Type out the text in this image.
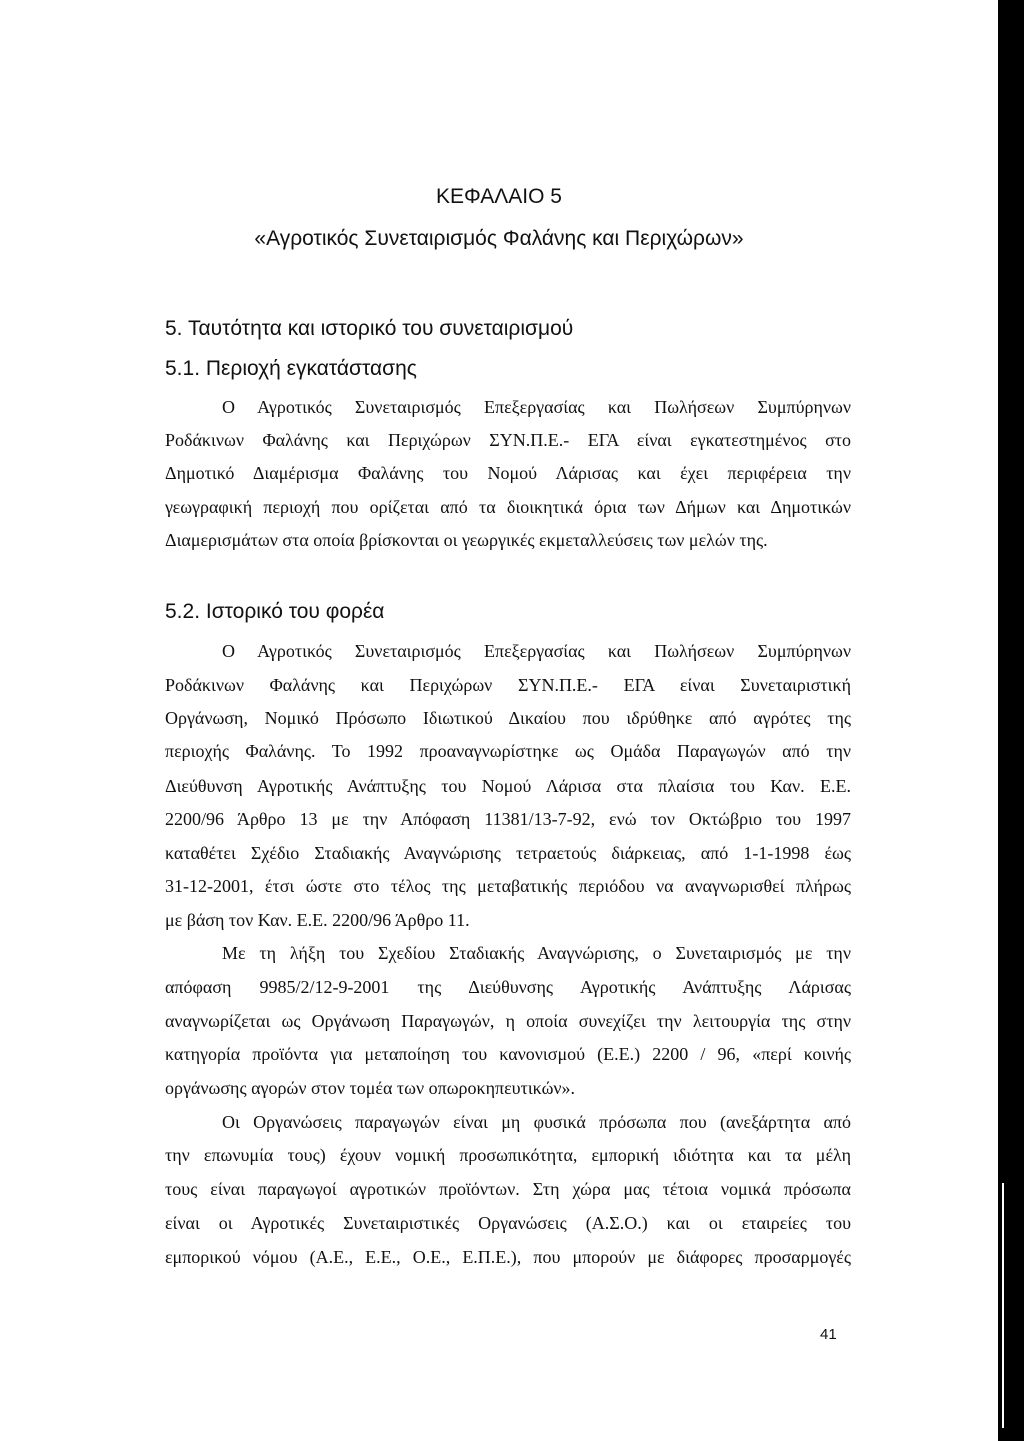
ΚΕΦΑΛΑΙΟ 5

«Αγροτικός Συνεταιρισμός Φαλάνης και Περιχώρων»

5. Ταυτότητα και ιστορικό του συνεταιρισμού

5.1. Περιοχή εγκατάστασης

Ο Αγροτικός Συνεταιρισμός Επεξεργασίας και Πωλήσεων Συμπύρηνων

Ροδάκινων Φαλάνης και Περιχώρων ΣΥΝ.Π.Ε.- ΕΓΑ είναι εγκατεστημένος στο

Δημοτικό Διαμέρισμα Φαλάνης του Νομού Λάρισας και έχει περιφέρεια την

γεωγραφική περιοχή που ορίζεται από τα διοικητικά όρια των Δήμων και Δημοτικών

Διαμερισμάτων στα οποία βρίσκονται οι γεωργικές εκμεταλλεύσεις των μελών της.

5.2. Ιστορικό του φορέα

Ο Αγροτικός Συνεταιρισμός Επεξεργασίας και Πωλήσεων Συμπύρηνων

Ροδάκινων Φαλάνης και Περιχώρων ΣΥΝ.Π.Ε.- ΕΓΑ είναι Συνεταιριστική

Οργάνωση, Νομικό Πρόσωπο Ιδιωτικού Δικαίου που ιδρύθηκε από αγρότες της

περιοχής Φαλάνης. Το 1992 προαναγνωρίστηκε ως Ομάδα Παραγωγών από την

Διεύθυνση Αγροτικής Ανάπτυξης του Νομού Λάρισα στα πλαίσια του Καν. Ε.Ε.

2200/96 Άρθρο 13 με την Απόφαση 11381/13-7-92, ενώ τον Οκτώβριο του 1997

καταθέτει Σχέδιο Σταδιακής Αναγνώρισης τετραετούς διάρκειας, από 1-1-1998 έως

31-12-2001, έτσι ώστε στο τέλος της μεταβατικής περιόδου να αναγνωρισθεί πλήρως

με βάση τον Καν. Ε.Ε. 2200/96 Άρθρο 11.

Με τη λήξη του Σχεδίου Σταδιακής Αναγνώρισης, ο Συνεταιρισμός με την

απόφαση 9985/2/12-9-2001 της Διεύθυνσης Αγροτικής Ανάπτυξης Λάρισας

αναγνωρίζεται ως Οργάνωση Παραγωγών, η οποία συνεχίζει την λειτουργία της στην

κατηγορία προϊόντα για μεταποίηση του κανονισμού (Ε.Ε.) 2200 / 96, «περί κοινής

οργάνωσης αγορών στον τομέα των οπωροκηπευτικών».

Οι Οργανώσεις παραγωγών είναι μη φυσικά πρόσωπα που (ανεξάρτητα από

την επωνυμία τους) έχουν νομική προσωπικότητα, εμπορική ιδιότητα και τα μέλη

τους είναι παραγωγοί αγροτικών προϊόντων. Στη χώρα μας τέτοια νομικά πρόσωπα

είναι οι Αγροτικές Συνεταιριστικές Οργανώσεις (Α.Σ.Ο.) και οι εταιρείες του

εμπορικού νόμου (Α.Ε., Ε.Ε., Ο.Ε., Ε.Π.Ε.), που μπορούν με διάφορες προσαρμογές

41
